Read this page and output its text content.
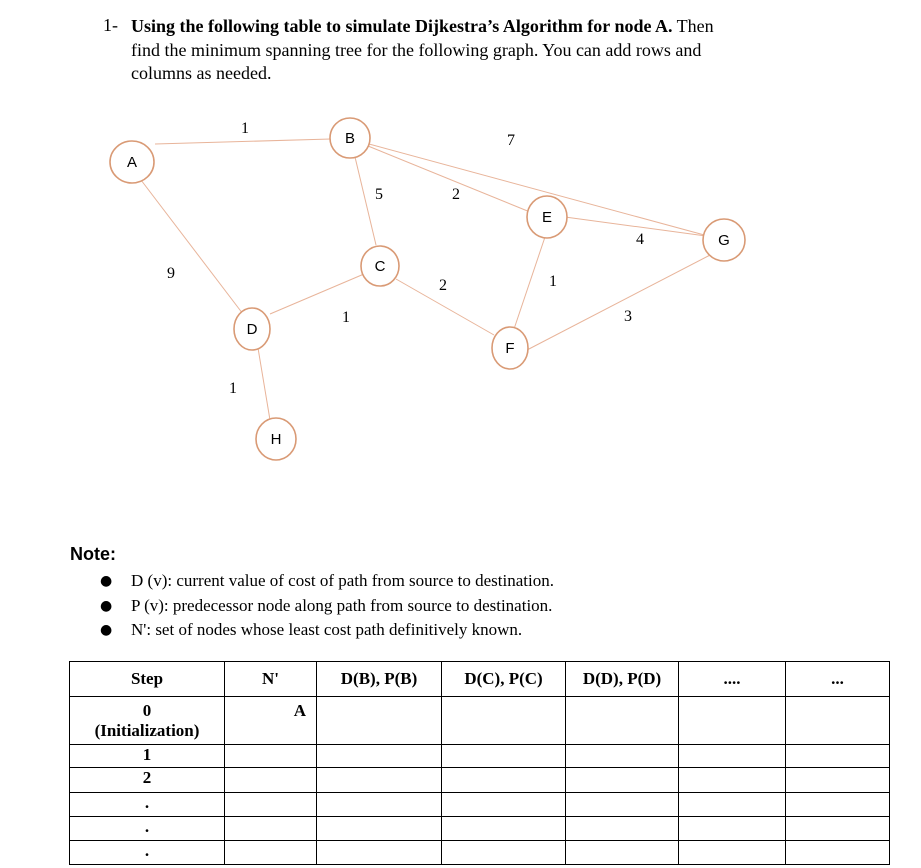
1- Using the following table to simulate Dijkestra’s Algorithm for node A. Then
find the minimum spanning tree for the following graph. You can add rows and
columns as needed.
A
B
C
D
E
F
G
H
1
7
5	2
9
2	1
4
3
1
1
Note:
● D (v): current value of cost of path from source to destination.
● P (v): predecessor node along path from source to destination.
● N': set of nodes whose least cost path definitively known.
Step	N'	D(B), P(B)	D(C), P(C)	D(D), P(D)	....	...

0
(Initialization)	A					
1						
2						
.						
.						
.						
